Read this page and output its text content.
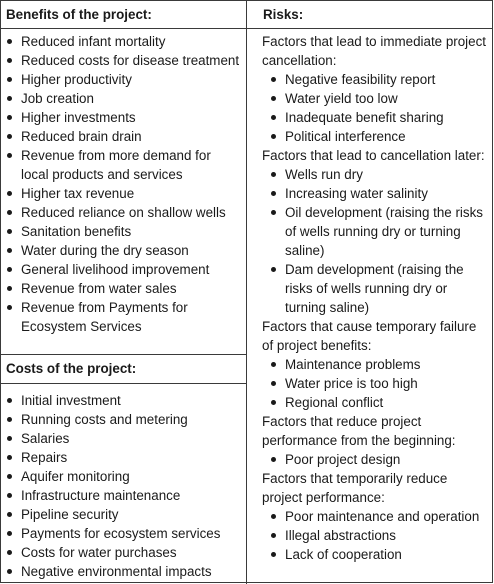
Benefits of the project:	Risks:
Costs of the project:
Reduced infant mortality
Reduced costs for disease treatment
Higher productivity
Job creation
Higher investments
Reduced brain drain
Revenue from more demand for local products and services
Higher tax revenue
Reduced reliance on shallow wells
Sanitation benefits
Water during the dry season
General livelihood improvement
Revenue from water sales
Revenue from Payments for Ecosystem Services
Initial investment
Running costs and metering
Salaries
Repairs
Aquifer monitoring
Infrastructure maintenance
Pipeline security
Payments for ecosystem services
Costs for water purchases
Negative environmental impacts
Factors that lead to immediate project cancellation:
Negative feasibility report
Water yield too low
Inadequate benefit sharing
Political interference
Factors that lead to cancellation later:
Wells run dry
Increasing water salinity
Oil development (raising the risks of wells running dry or turning saline)
Dam development (raising the risks of wells running dry or turning saline)
Factors that cause temporary failure of project benefits:
Maintenance problems
Water price is too high
Regional conflict
Factors that reduce project performance from the beginning:
Poor project design
Factors that temporarily reduce project performance:
Poor maintenance and operation
Illegal abstractions
Lack of cooperation
